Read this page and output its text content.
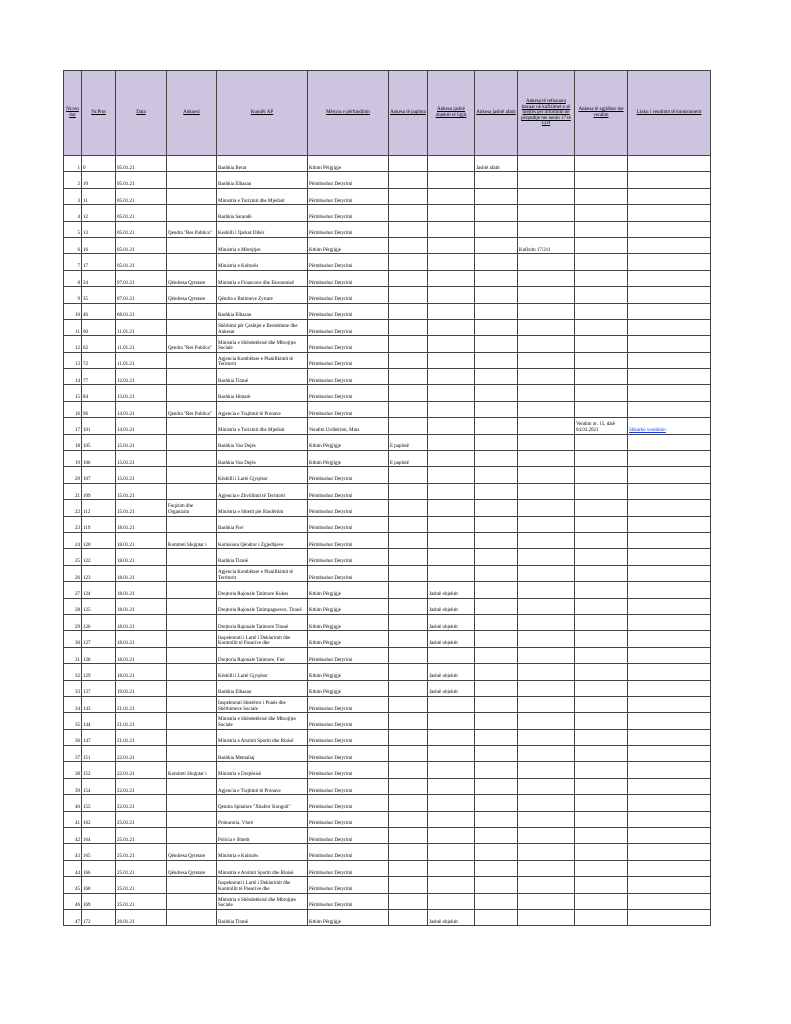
Nr.rendor	Nr.Prot	Data	Ankuesi	Kundër AP	Mënyra e përfundimit	Ankesa të paplota	Ankesa jashtë objektit të ligjit	Ankesa jashtë afatit	Ankesa të refuzuara bazuar në kufizimet e së drejtës për informim në përputhje me nenin 17 të LDI	Ankesa të zgjidhur me vendim	Linku i vendimit të komisionerit
1	0	05.01.21		Bashkia Berat	Kthim Përgjigje			Jashtë afatit			
2	10	05.01.21		Bashkia Elbasan	Përmbushur Detyrimi						
3	11	05.01.21		Ministria e Turizmit dhe Mjedisit	Përmbushur Detyrimi						
4	12	05.01.21		Bashkia Sarandë	Përmbushur Detyrimi						
5	13	05.01.21	Qendra "Res Publica"	Keshilli i Qarkut Dibër	Përmbushur Detyrimi						
6	16	05.01.21		Ministria e Mbrojtjes	Kthim Përgjigje				Kufizim 17/2/d		
7	17	05.01.21		Ministria e Kulturës	Përmbushur Detyrimi						
8	34	07.01.21	Qëndresa Qytetare	Ministria e Financave dhe Ekonomisë	Përmbushur Detyrimi						
9	35	07.01.21	Qëndresa Qytetare	Qëndra e Botimeve Zyrtare	Përmbushur Detyrimi						
10	46	08.01.21		Bashkia Elbasan	Përmbushur Detyrimi						
11	60	11.01.21		Shërbimi për Çeshtjet e Brendshme dhe Ankesat	Përmbushur Detyrimi						
12	62	11.01.21	Qendra "Res Publica"	Ministria e Shëndetësisë dhe Mbrojtjes Sociale	Përmbushur Detyrimi						
13	72	11.01.21		Agjencia Kombëtare e Planifikimit të Territorit	Përmbushur Detyrimi						
14	77	12.01.21		Bashkia Tiranë	Përmbushur Detyrimi						
15	84	13.01.21		Bashkia Himarë	Përmbushur Detyrimi						
16	96	14.01.21	Qendra "Res Publica"	Agjencia e Trajtimit të Pronave	Përmbushur Detyrimi						
17	101	14.01.21		Ministria e Turizmit dhe Mjedisit	Vendim Urdhërimi, Mars					Vendim nr. 15, datë 04.03.2021	Shkarko vendimin
18	105	15.01.21		Bashkia Vau Dejës	Kthim Përgjigje	E paplotë					
19	106	15.01.21		Bashkia Vau Dejës	Kthim Përgjigje	E paplotë					
20	107	15.01.21		Këshilli i Lartë Gjyqësor	Përmbushur Detyrimi						
21	109	15.01.21		Agjencia e Zhvillimit të Territorit	Përmbushur Detyrimi						
22	112	15.01.21	Fuqizim dhe Organizim	Ministria e Shtetit për Rindërtim	Përmbushur Detyrimi						
23	119	18.01.21		Bashkia Fier	Përmbushur Detyrimi						
24	120	18.01.21	Komiteti Shqiptar i	Komisioni Qëndror i Zgjedhjeve	Përmbushur Detyrimi						
25	122	18.01.21		Bashkia Tiranë	Përmbushur Detyrimi						
26	123	18.01.21		Agjencia Kombëtare e Planifikimit të Territorit	Përmbushur Detyrimi						
27	124	18.01.21		Drejtoria Rajonale Tatimore Kukes	Kthim Përgjigje		Jashtë objektit				
28	125	18.01.21		Drejtoria Rajonale Tatimpaguesve, Tiranë	Kthim Përgjigje		Jashtë objektit				
29	126	18.01.21		Drejtoria Rajonale Tatimore Tiranë	Kthim Përgjigje		Jashtë objektit				
30	127	18.01.21		Inspektorati i Lartë i Deklarimit dhe Kontrollit të Pasurive dhe	Kthim Përgjigje		Jashtë objektit				
31	128	18.01.21		Drejtoria Rajonale Tatimore, Fier	Përmbushur Detyrimi						
32	129	18.01.21		Këshilli i Lartë Gjyqësor	Kthim Përgjigje		Jashtë objektit				
33	137	19.01.21		Bashkia Elbasan	Kthim Përgjigje		Jashtë objektit				
34	143	21.01.21		Inspektorati Shtetëror i Punës dhe Shërbimeve Sociale	Përmbushur Detyrimi						
35	144	21.01.21		Ministria e Shëndetësisë dhe Mbrojtjes Sociale	Përmbushur Detyrimi						
36	147	21.01.21		Ministria e Arsimit Sportit dhe Rinisë	Përmbushur Detyrimi						
37	151	22.01.21		Bashkia Memaliaj	Përmbushur Detyrimi						
38	152	22.01.21	Komiteti Shqiptar i	Ministria e Drejtësisë	Përmbushur Detyrimi						
39	154	22.01.21		Agjencia e Trajtimit të Pronave	Përmbushur Detyrimi						
40	155	22.01.21		Qendra Spitalore "Xhaferr Kongoli"	Përmbushur Detyrimi						
41	162	25.01.21		Prokuroria, Vlorë	Përmbushur Detyrimi						
42	164	25.01.21		Policia e Shtetit	Përmbushur Detyrimi						
43	165	25.01.21	Qëndresa Qytetare	Ministria e Kulturës	Përmbushur Detyrimi						
44	166	25.01.21	Qëndresa Qytetare	Ministria e Arsimit Sportit dhe Rinisë	Përmbushur Detyrimi						
45	168	25.01.21		Inspektorati i Lartë i Deklarimit dhe Kontrollit të Pasurive dhe	Përmbushur Detyrimi						
46	169	25.01.21		Ministria e Shëndetësisë dhe Mbrojtjes Sociale	Përmbushur Detyrimi						
47	172	26.01.21		Bashkia Tiranë	Kthim Përgjigje		Jashtë objektit				
